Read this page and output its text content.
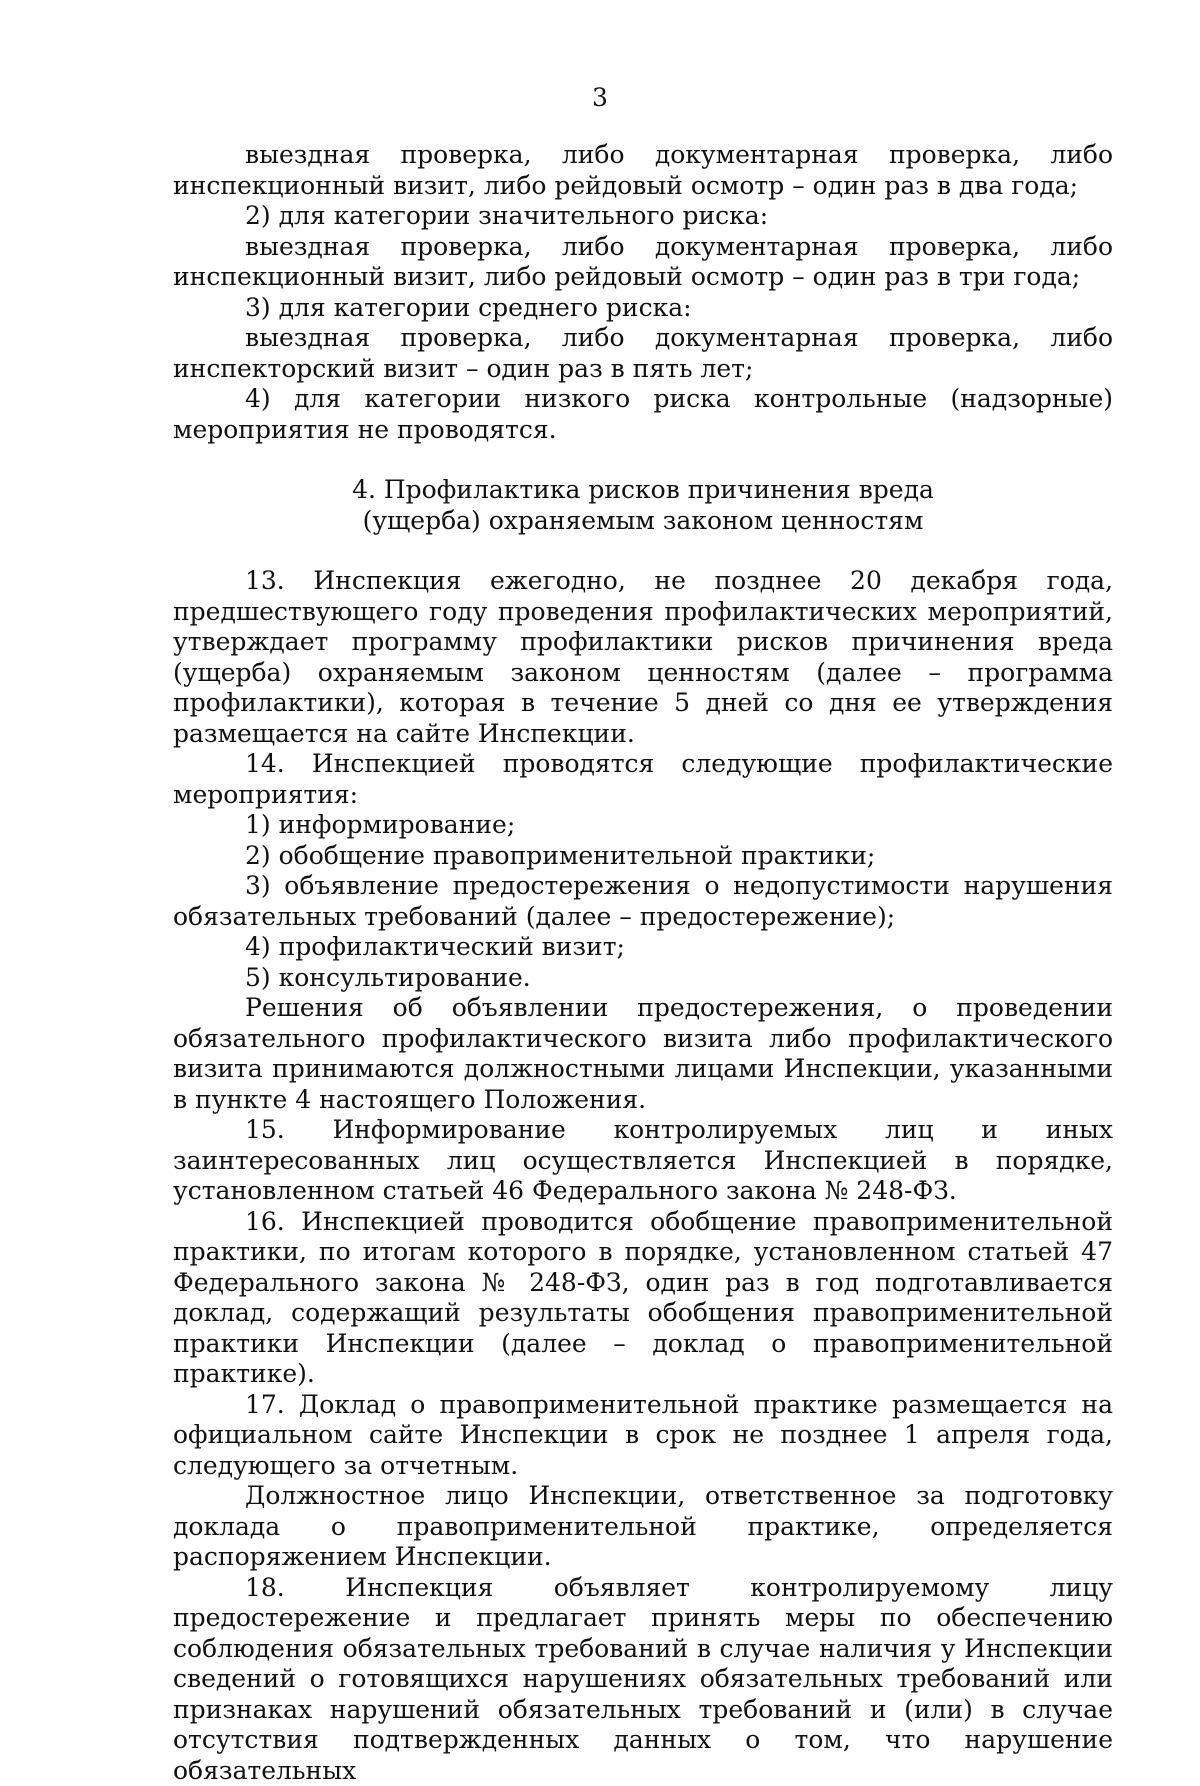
3

выездная проверка, либо документарная проверка, либо инспекционный визит, либо рейдовый осмотр – один раз в два года;

2) для категории значительного риска:

выездная проверка, либо документарная проверка, либо инспекционный визит, либо рейдовый осмотр – один раз в три года;

3) для категории среднего риска:

выездная проверка, либо документарная проверка, либо инспекторский визит – один раз в пять лет;

4) для категории низкого риска контрольные (надзорные) мероприятия не проводятся.

4. Профилактика рисков причинения вреда
(ущерба) охраняемым законом ценностям

13. Инспекция ежегодно, не позднее 20 декабря года, предшествующего году проведения профилактических мероприятий, утверждает программу профилактики рисков причинения вреда (ущерба) охраняемым законом ценностям (далее – программа профилактики), которая в течение 5 дней со дня ее утверждения размещается на сайте Инспекции.

14. Инспекцией проводятся следующие профилактические мероприятия:

1) информирование;

2) обобщение правоприменительной практики;

3) объявление предостережения о недопустимости нарушения обязательных требований (далее – предостережение);

4) профилактический визит;

5) консультирование.

Решения об объявлении предостережения, о проведении обязательного профилактического визита либо профилактического визита принимаются должностными лицами Инспекции, указанными в пункте 4 настоящего Положения.

15. Информирование контролируемых лиц и иных заинтересованных лиц осуществляется Инспекцией в порядке, установленном статьей 46 Федерального закона № 248-ФЗ.

16. Инспекцией проводится обобщение правоприменительной практики, по итогам которого в порядке, установленном статьей 47 Федерального закона № 248-ФЗ, один раз в год подготавливается доклад, содержащий результаты обобщения правоприменительной практики Инспекции (далее – доклад о правоприменительной практике).

17. Доклад о правоприменительной практике размещается на официальном сайте Инспекции в срок не позднее 1 апреля года, следующего за отчетным.

Должностное лицо Инспекции, ответственное за подготовку доклада о правоприменительной практике, определяется распоряжением Инспекции.

18. Инспекция объявляет контролируемому лицу предостережение и предлагает принять меры по обеспечению соблюдения обязательных требований в случае наличия у Инспекции сведений о готовящихся нарушениях обязательных требований или признаках нарушений обязательных требований и (или) в случае отсутствия подтвержденных данных о том, что нарушение обязательных
